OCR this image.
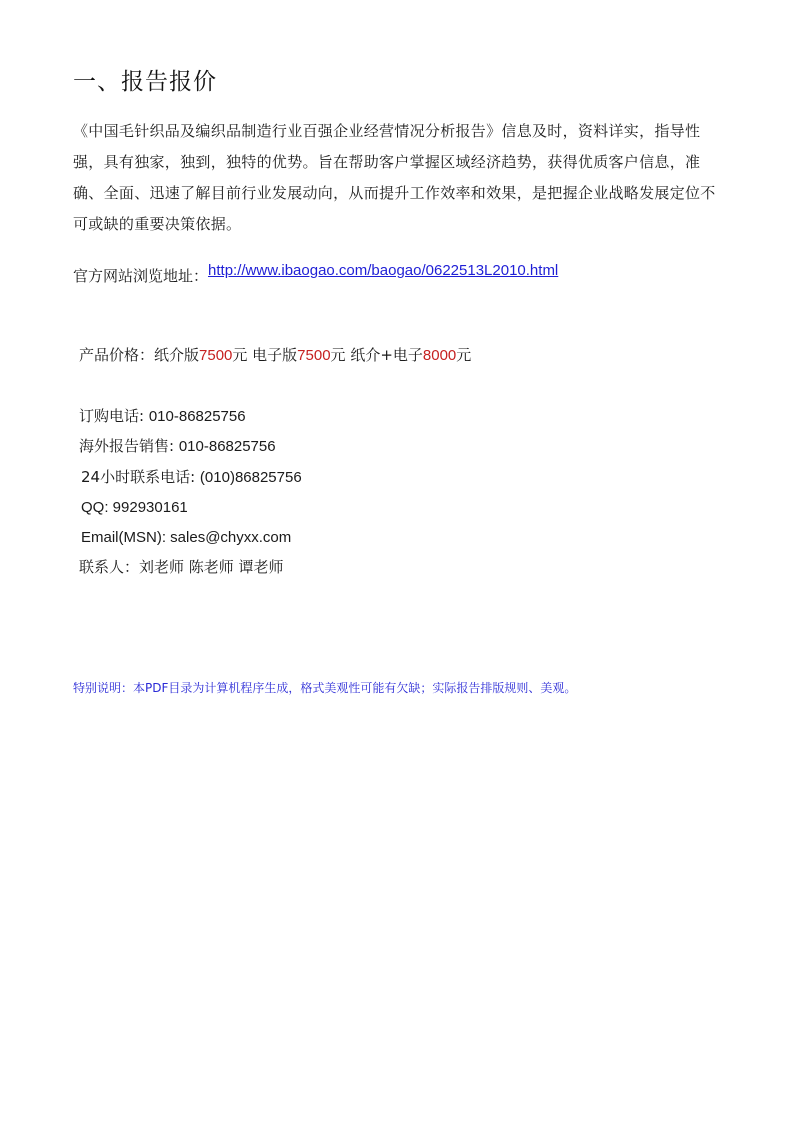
一、报告报价
《中国毛针织品及编织品制造行业百强企业经营情况分析报告》信息及时，资料详实，指导性强，具有独家，独到，独特的优势。旨在帮助客户掌握区域经济趋势，获得优质客户信息，准确、全面、迅速了解目前行业发展动向，从而提升工作效率和效果，是把握企业战略发展定位不可或缺的重要决策依据。
官方网站浏览地址：http://www.ibaogao.com/baogao/0622513L2010.html
产品价格：纸介版7500元 电子版7500元 纸介+电子8000元
订购电话: 010-86825756
海外报告销售: 010-86825756
24小时联系电话: (010)86825756
QQ: 992930161
Email(MSN): sales@chyxx.com
联系人：刘老师 陈老师 谭老师
特别说明：本PDF目录为计算机程序生成，格式美观性可能有欠缺；实际报告排版规则、美观。
